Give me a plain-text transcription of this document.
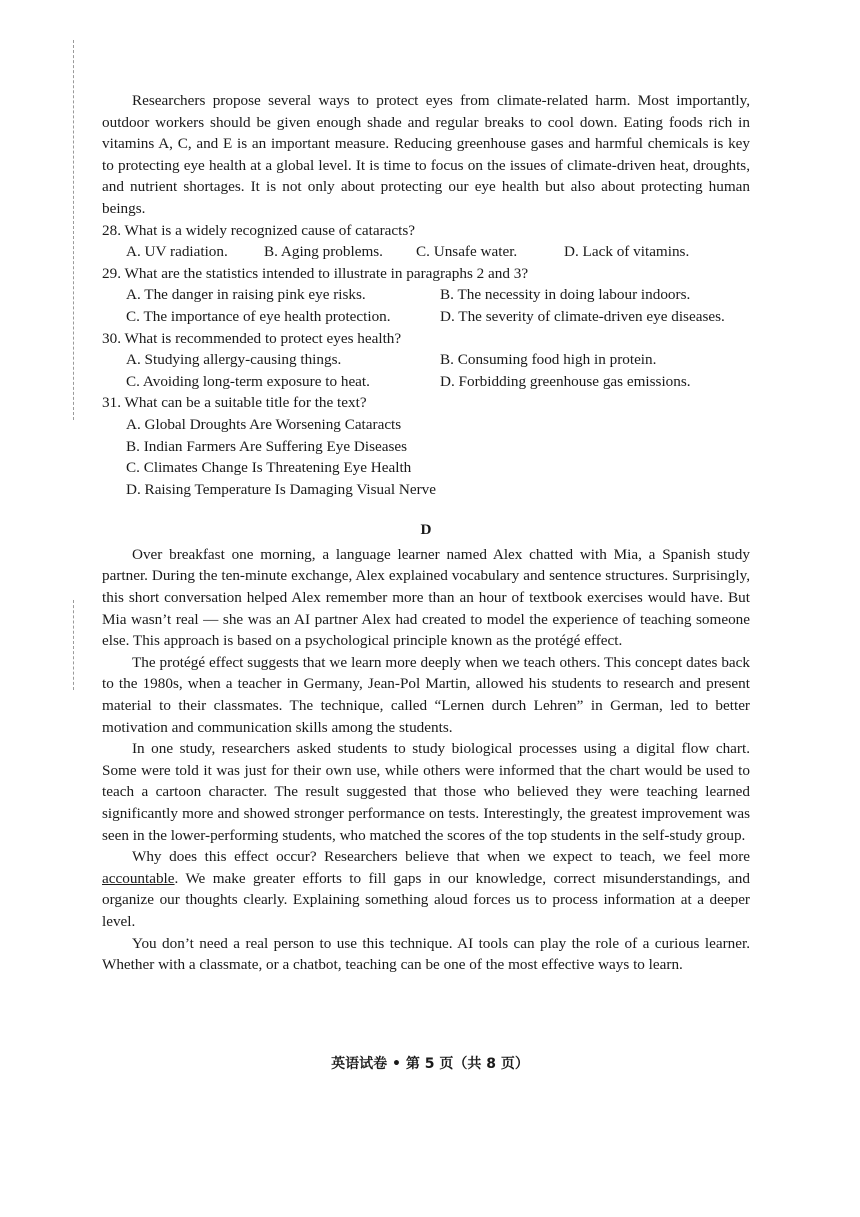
Researchers propose several ways to protect eyes from climate-related harm. Most importantly, outdoor workers should be given enough shade and regular breaks to cool down. Eating foods rich in vitamins A, C, and E is an important measure. Reducing greenhouse gases and harmful chemicals is key to protecting eye health at a global level. It is time to focus on the issues of climate-driven heat, droughts, and nutrient shortages. It is not only about protecting our eye health but also about protecting human beings.

28. What is a widely recognized cause of cataracts?

A. UV radiation.	B. Aging problems.	C. Unsafe water.	D. Lack of vitamins.

29. What are the statistics intended to illustrate in paragraphs 2 and 3?

A. The danger in raising pink eye risks.	B. The necessity in doing labour indoors.
C. The importance of eye health protection.	D. The severity of climate-driven eye diseases.

30. What is recommended to protect eyes health?

A. Studying allergy-causing things.	B. Consuming food high in protein.
C. Avoiding long-term exposure to heat.	D. Forbidding greenhouse gas emissions.

31. What can be a suitable title for the text?

A. Global Droughts Are Worsening Cataracts

B. Indian Farmers Are Suffering Eye Diseases

C. Climates Change Is Threatening Eye Health

D. Raising Temperature Is Damaging Visual Nerve

D

Over breakfast one morning, a language learner named Alex chatted with Mia, a Spanish study partner. During the ten-minute exchange, Alex explained vocabulary and sentence structures. Surprisingly, this short conversation helped Alex remember more than an hour of textbook exercises would have. But Mia wasn’t real — she was an AI partner Alex had created to model the experience of teaching someone else. This approach is based on a psychological principle known as the protégé effect.

The protégé effect suggests that we learn more deeply when we teach others. This concept dates back to the 1980s, when a teacher in Germany, Jean-Pol Martin, allowed his students to research and present material to their classmates. The technique, called “Lernen durch Lehren” in German, led to better motivation and communication skills among the students.

In one study, researchers asked students to study biological processes using a digital flow chart. Some were told it was just for their own use, while others were informed that the chart would be used to teach a cartoon character. The result suggested that those who believed they were teaching learned significantly more and showed stronger performance on tests. Interestingly, the greatest improvement was seen in the lower-performing students, who matched the scores of the top students in the self-study group.

Why does this effect occur? Researchers believe that when we expect to teach, we feel more accountable. We make greater efforts to fill gaps in our knowledge, correct misunderstandings, and organize our thoughts clearly. Explaining something aloud forces us to process information at a deeper level.

You don’t need a real person to use this technique. AI tools can play the role of a curious learner. Whether with a classmate, or a chatbot, teaching can be one of the most effective ways to learn.

英语试卷 • 第 5 页（共 8 页）
